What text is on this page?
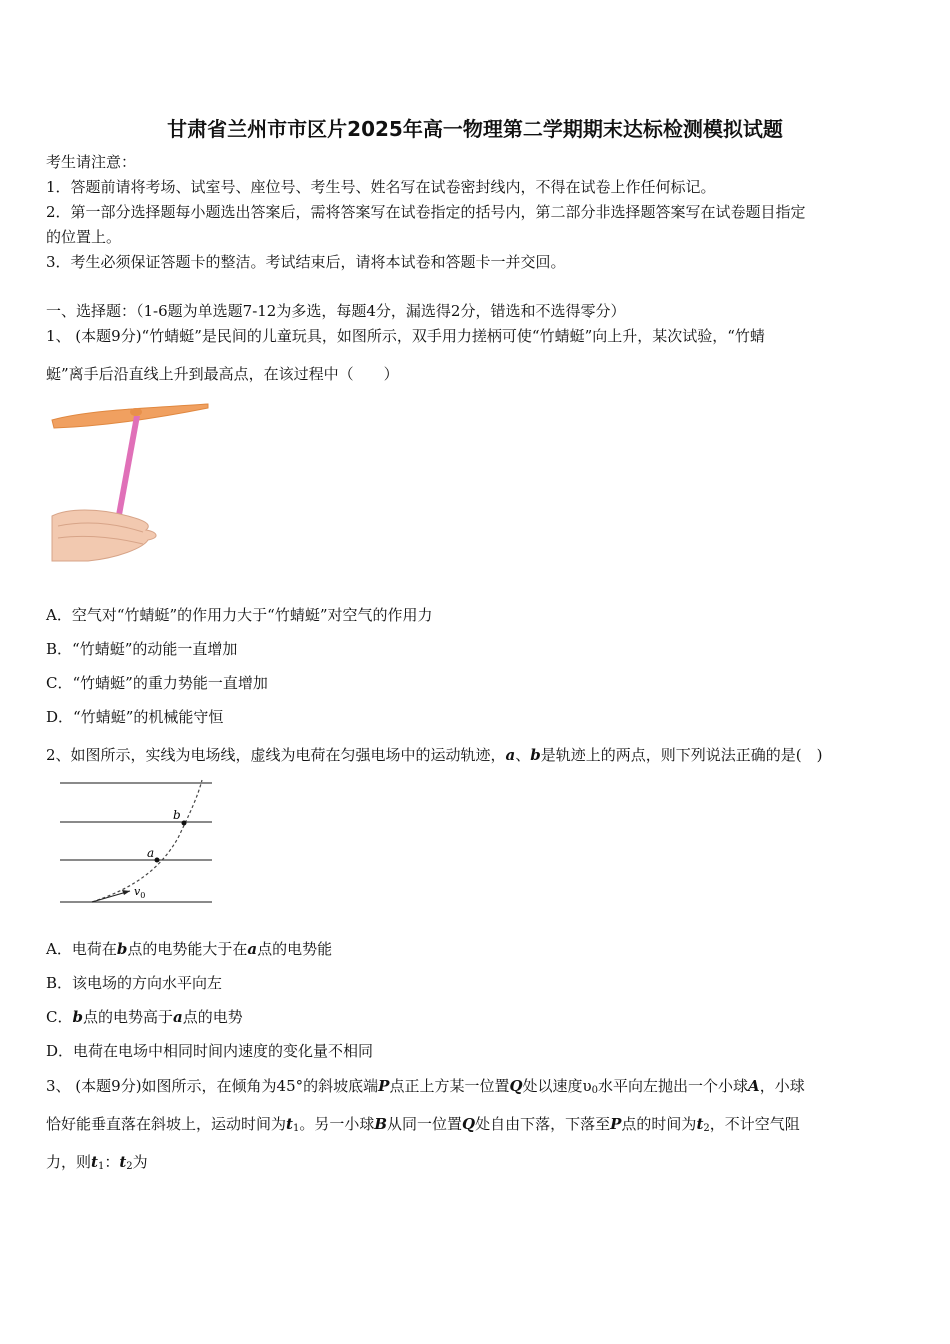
甘肃省兰州市市区片2025年高一物理第二学期期末达标检测模拟试题
考生请注意：
1．答题前请将考场、试室号、座位号、考生号、姓名写在试卷密封线内，不得在试卷上作任何标记。
2．第一部分选择题每小题选出答案后，需将答案写在试卷指定的括号内，第二部分非选择题答案写在试卷题目指定
的位置上。
3．考生必须保证答题卡的整洁。考试结束后，请将本试卷和答题卡一并交回。
一、选择题：（1-6题为单选题7-12为多选，每题4分，漏选得2分，错选和不选得零分）
1、 (本题9分)“竹蜻蜓”是民间的儿童玩具，如图所示，双手用力搓柄可使“竹蜻蜓”向上升，某次试验，“竹蜻
蜓”离手后沿直线上升到最高点，在该过程中（　　）
A．空气对“竹蜻蜓”的作用力大于“竹蜻蜓”对空气的作用力
B．“竹蜻蜓”的动能一直增加
C．“竹蜻蜓”的重力势能一直增加
D．“竹蜻蜓”的机械能守恒
2、如图所示，实线为电场线，虚线为电荷在匀强电场中的运动轨迹，a、b是轨迹上的两点，则下列说法正确的是(　)
b
a
$v_0$
A．电荷在b点的电势能大于在a点的电势能
B．该电场的方向水平向左
C．b点的电势高于a点的电势
D．电荷在电场中相同时间内速度的变化量不相同
3、 (本题9分)如图所示，在倾角为45°的斜坡底端P点正上方某一位置Q处以速度$\upsilon_0$水平向左抛出一个小球A，小球
恰好能垂直落在斜坡上，运动时间为$t_1$。另一小球B从同一位置Q处自由下落，下落至P点的时间为$t_2$，不计空气阻
力，则$t_1$：$t_2$为
